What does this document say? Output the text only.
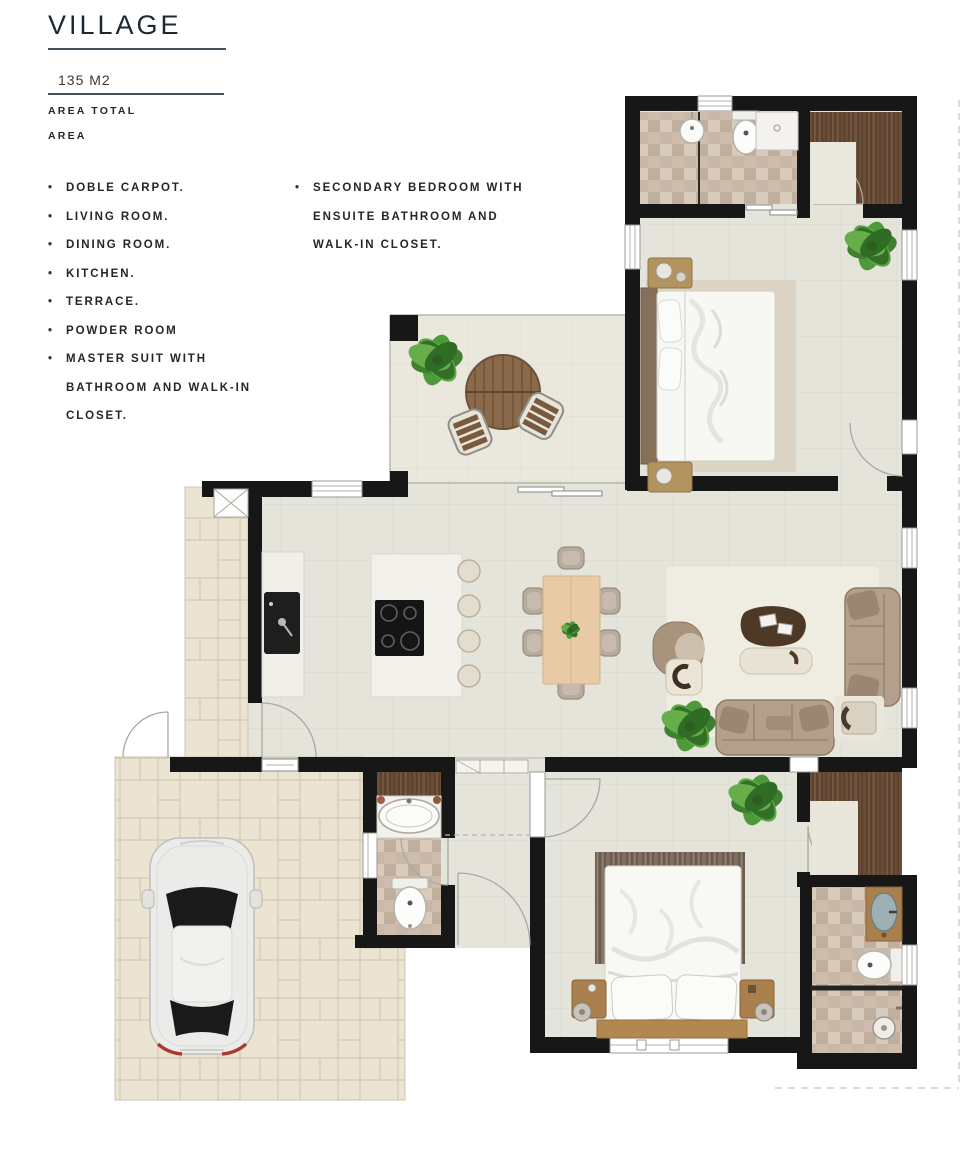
VILLAGE
135 M2
AREA TOTAL
AREA
• DOBLE CARPOT.
• LIVING ROOM.
• DINING ROOM.
• KITCHEN.
• TERRACE.
• POWDER ROOM
• MASTER SUIT WITH
BATHROOM AND WALK-IN
CLOSET.
• SECONDARY BEDROOM WITH
ENSUITE BATHROOM AND
WALK-IN CLOSET.
